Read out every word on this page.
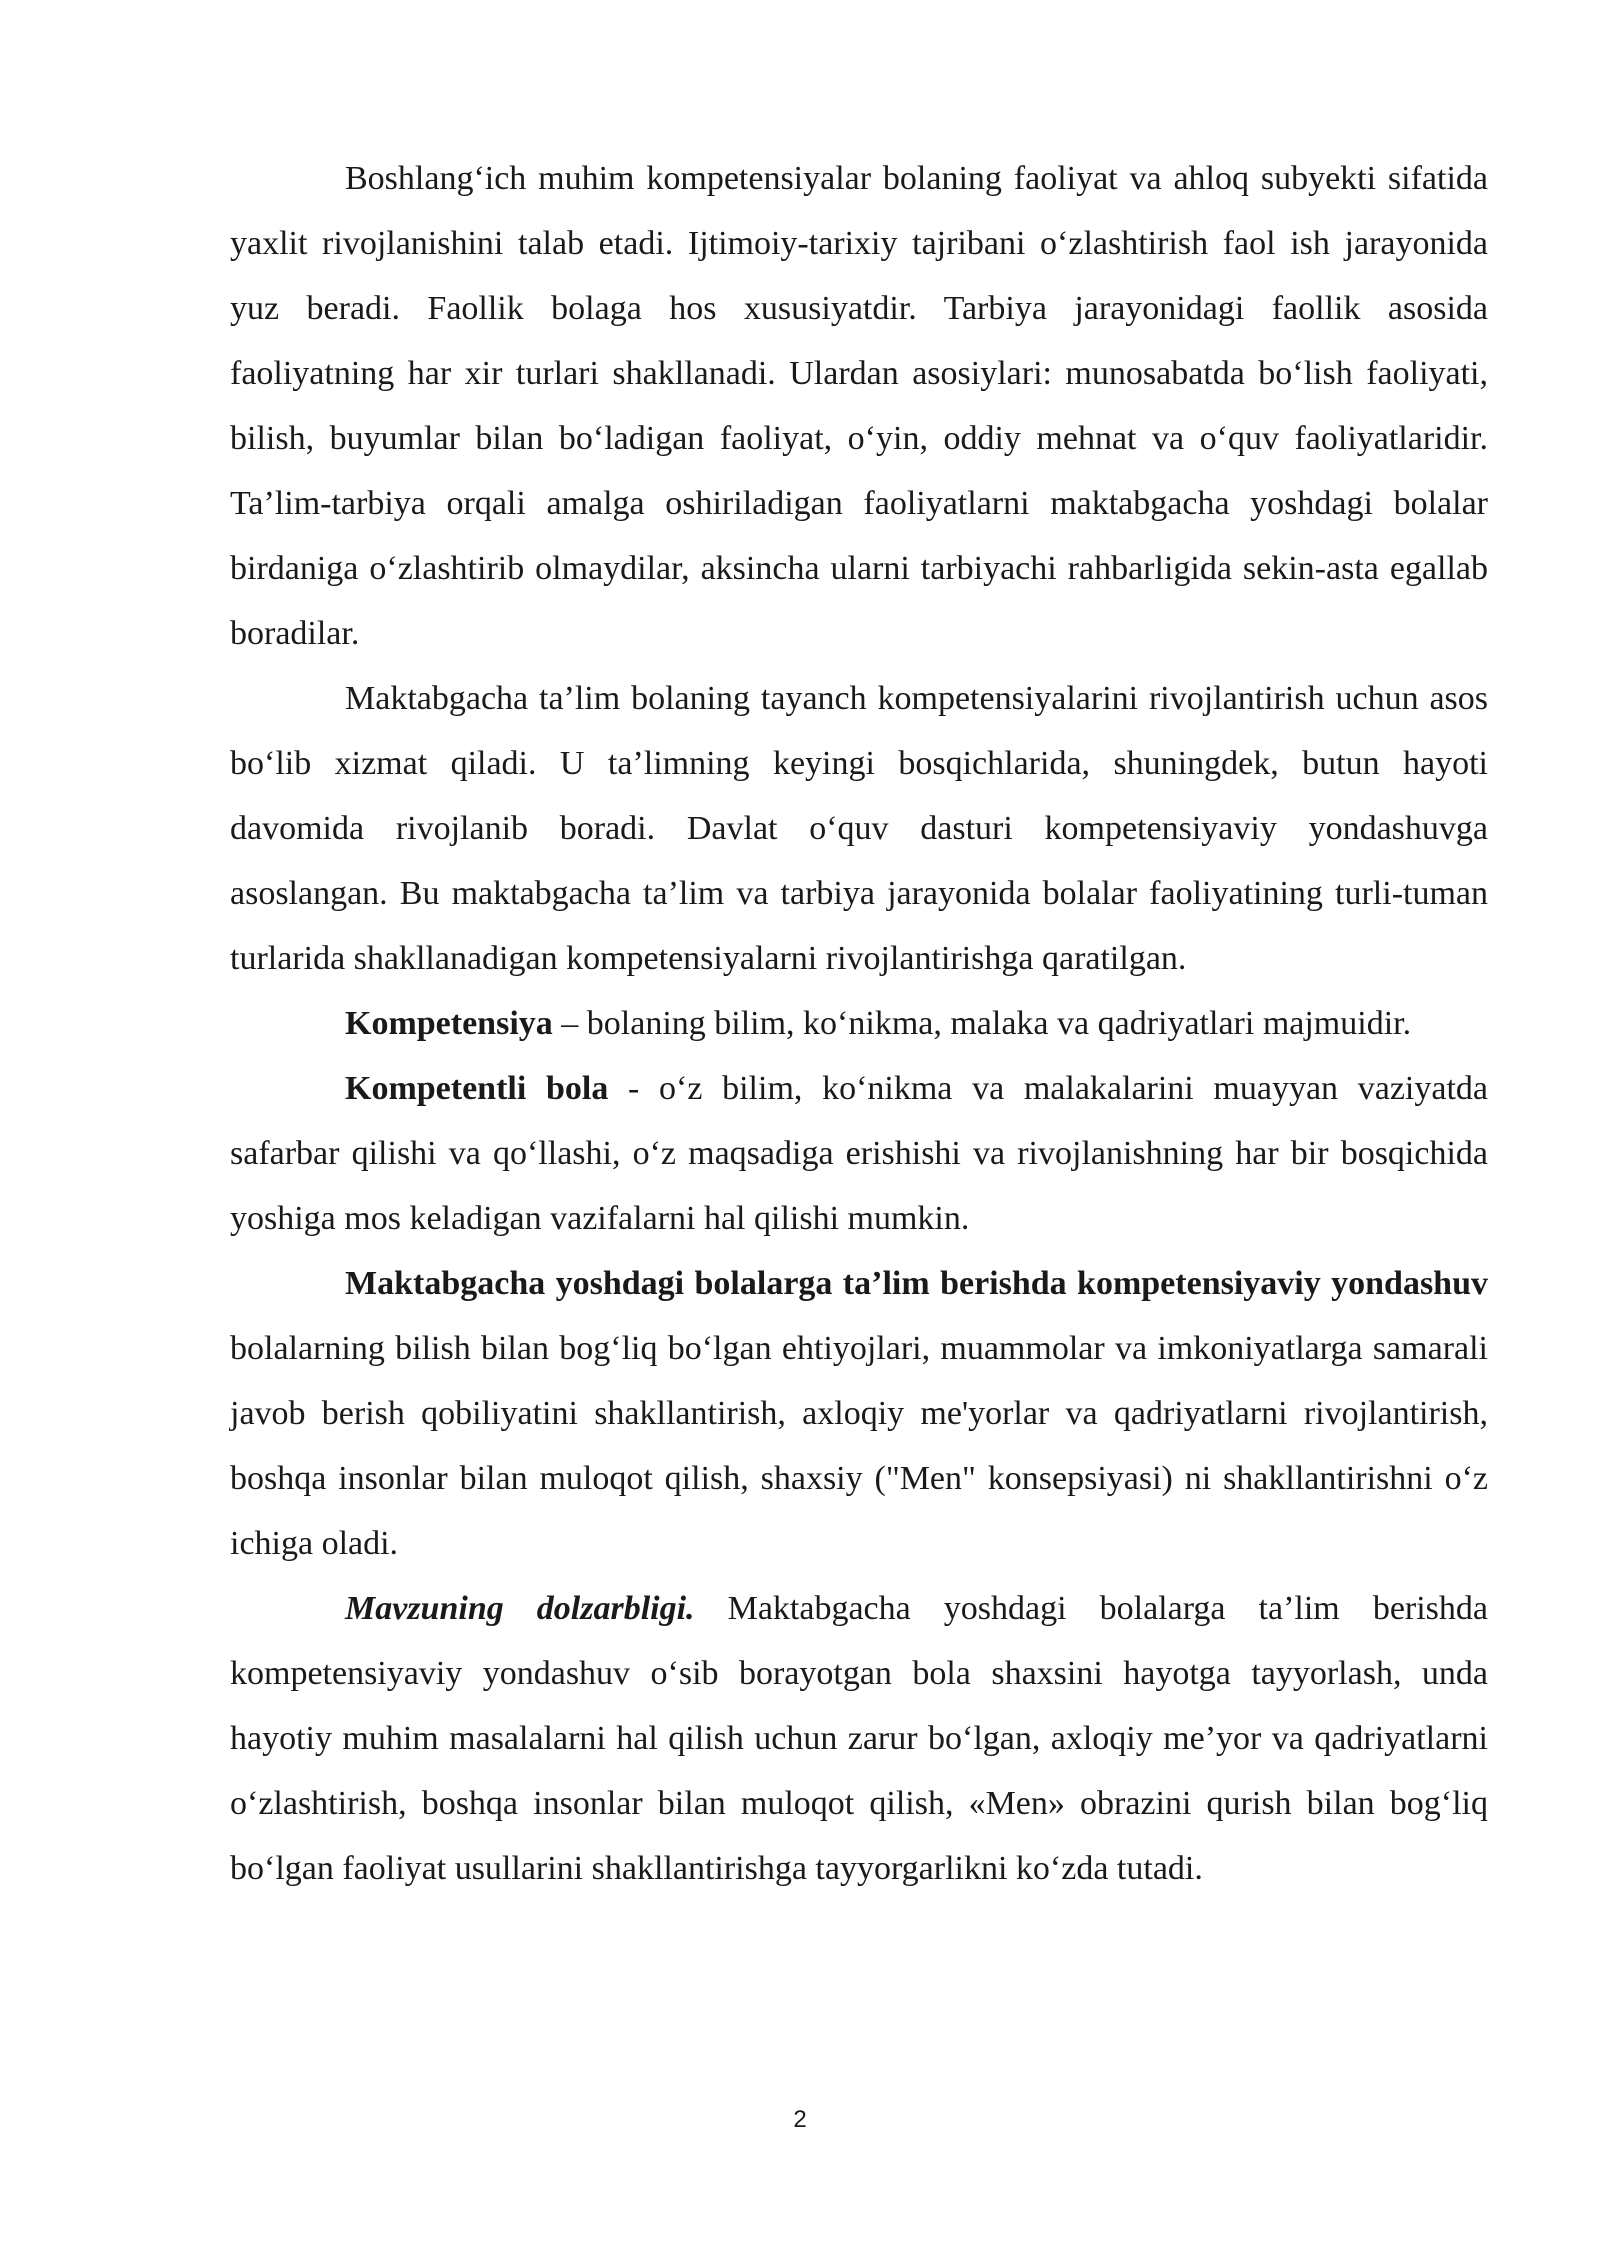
Boshlang‘ich muhim kompetensiyalar bolaning faoliyat va ahloq subyekti sifatida yaxlit rivojlanishini talab etadi. Ijtimoiy-tarixiy tajribani o‘zlashtirish faol ish jarayonida yuz beradi. Faollik bolaga hos xususiyatdir. Tarbiya jarayonidagi faollik asosida faoliyatning har xir turlari shakllanadi. Ulardan asosiylari: munosabatda bo‘lish faoliyati, bilish, buyumlar bilan bo‘ladigan faoliyat, o‘yin, oddiy mehnat va o‘quv faoliyatlaridir. Ta’lim-tarbiya orqali amalga oshiriladigan faoliyatlarni maktabgacha yoshdagi bolalar birdaniga o‘zlashtirib olmaydilar, aksincha ularni tarbiyachi rahbarligida sekin-asta egallab boradilar.

Maktabgacha ta’lim bolaning tayanch kompetensiyalarini rivojlantirish uchun asos bo‘lib xizmat qiladi. U ta’limning keyingi bosqichlarida, shuningdek, butun hayoti davomida rivojlanib boradi. Davlat o‘quv dasturi kompetensiyaviy yondashuvga asoslangan. Bu maktabgacha ta’lim va tarbiya jarayonida bolalar faoliyatining turli-tuman turlarida shakllanadigan kompetensiyalarni rivojlantirishga qaratilgan.

Kompetensiya – bolaning bilim, ko‘nikma, malaka va qadriyatlari majmuidir.

Kompetentli bola - o‘z bilim, ko‘nikma va malakalarini muayyan vaziyatda safarbar qilishi va qo‘llashi, o‘z maqsadiga erishishi va rivojlanishning har bir bosqichida yoshiga mos keladigan vazifalarni hal qilishi mumkin.

Maktabgacha yoshdagi bolalarga ta’lim berishda kompetensiyaviy yondashuv bolalarning bilish bilan bog‘liq bo‘lgan ehtiyojlari, muammolar va imkoniyatlarga samarali javob berish qobiliyatini shakllantirish, axloqiy me'yorlar va qadriyatlarni rivojlantirish, boshqa insonlar bilan muloqot qilish, shaxsiy ("Men" konsepsiyasi) ni shakllantirishni o‘z ichiga oladi.

Mavzuning dolzarbligi. Maktabgacha yoshdagi bolalarga ta’lim berishda kompetensiyaviy yondashuv o‘sib borayotgan bola shaxsini hayotga tayyorlash, unda hayotiy muhim masalalarni hal qilish uchun zarur bo‘lgan, axloqiy me’yor va qadriyatlarni o‘zlashtirish, boshqa insonlar bilan muloqot qilish, «Men» obrazini qurish bilan bog‘liq bo‘lgan faoliyat usullarini shakllantirishga tayyorgarlikni ko‘zda tutadi.

2
